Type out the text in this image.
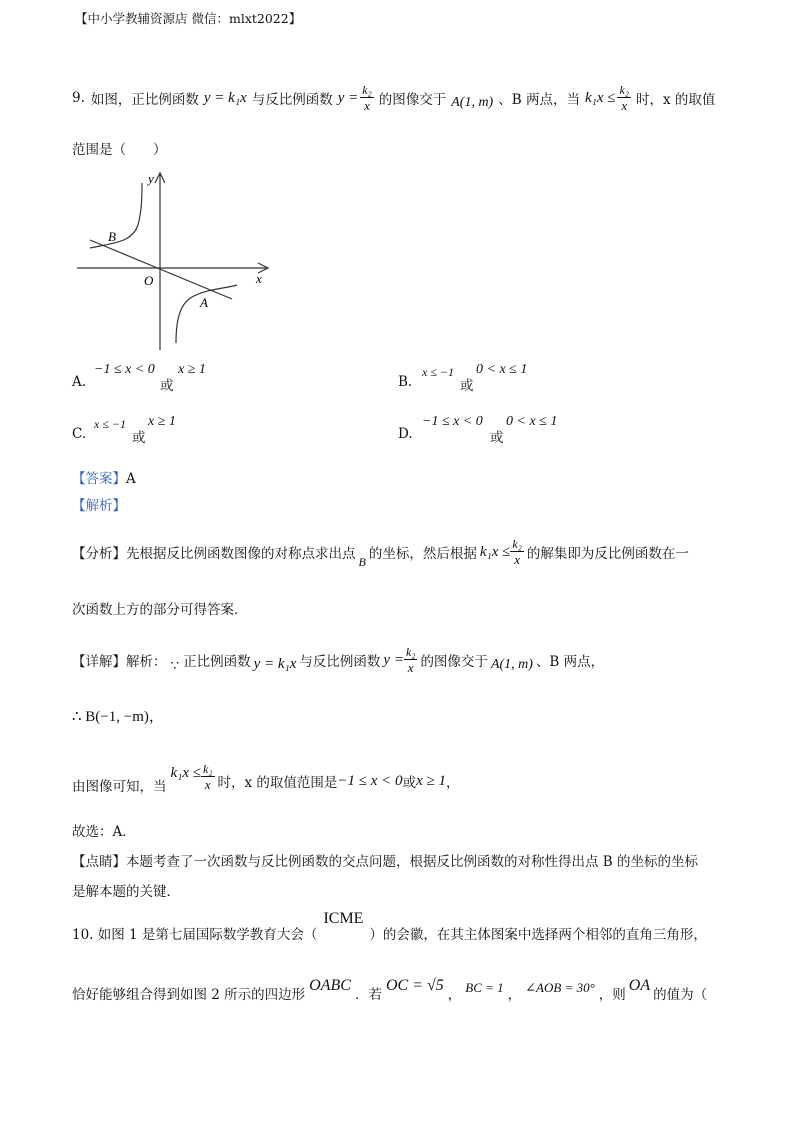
【中小学教辅资源店 微信：mlxt2022】
9. 如图，正比例函数 y = k₁x 与反比例函数 $y = \frac{\text{k₂}}{x}$ 的图像交于 A(1, m) 、B 两点，当 $k_1x \le \frac{\text{k₂}}{x}$ 时，x 的取值
范围是（　　）
y
x
O
B
A
A.
−1 ≤ x < 0
或
x ≥ 1
B.
x ≤ −1
或
0 < x ≤ 1
C.
x ≤ −1
或
x ≥ 1
D.
−1 ≤ x < 0
或
0 < x ≤ 1
【答案】A
【解析】
【分析】 先根据反比例函数图像的对称点求出点 B 的坐标，然后根据 $k_1x \le \frac{\text{k₂}}{x}$ 的解集即为反比例函数在一
次函数上方的部分可得答案．
【详解】 解析： ∵ 正比例函数 y = k₁x 与反比例函数 $y = \frac{\text{k₂}}{x}$ 的图像交于 A(1, m) 、B 两点，
∴ B(−1, −m)，
由图像可知，当
$k_1x \le \frac{\text{k₂}}{x}$ 时，x 的取值范围是 −1 ≤ x < 0 或 x ≥ 1 ，
故选：A．
【点睛】本题考查了一次函数与反比例函数的交点问题，根据反比例函数的对称性得出点 B 的坐标的坐标
是解本题的关键．
10. 如图 1 是第七届国际数学教育大会（
ICME
）的会徽，在其主体图案中选择两个相邻的直角三角形，
恰好能够组合得到如图 2 所示的四边形
OABC
．若
OC = √5
， BC = 1 ， ∠AOB = 30° ，则
OA
的值为（
